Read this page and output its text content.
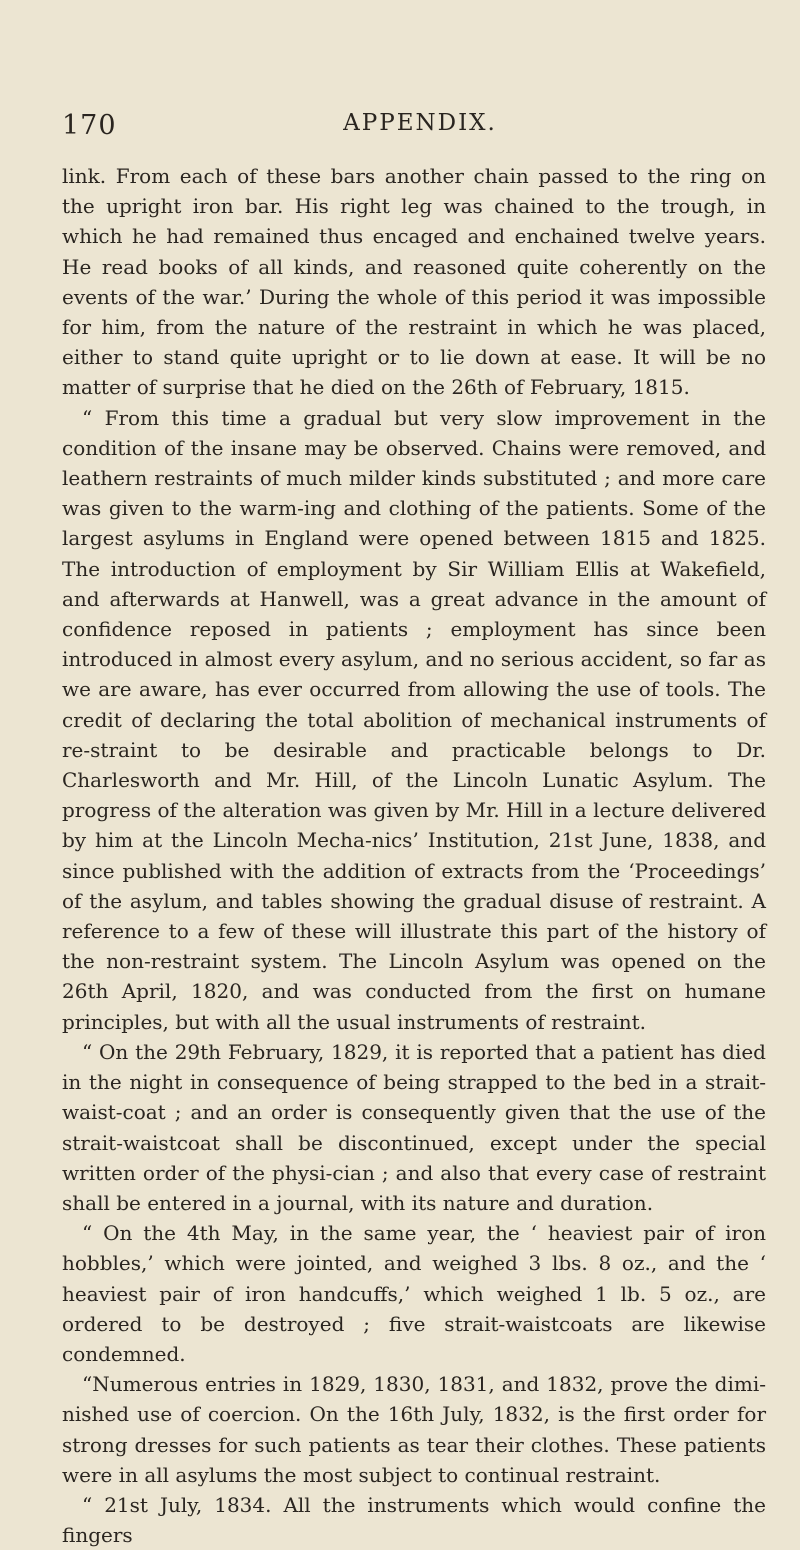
170	APPENDIX.

link. From each of these bars another chain passed to the ring on the upright iron bar. His right leg was chained to the trough, in which he had remained thus encaged and enchained twelve years. He read books of all kinds, and reasoned quite coherently on the events of the war.’ During the whole of this period it was impossible for him, from the nature of the restraint in which he was placed, either to stand quite upright or to lie down at ease. It will be no matter of surprise that he died on the 26th of February, 1815.

“ From this time a gradual but very slow improvement in the condition of the insane may be observed. Chains were removed, and leathern restraints of much milder kinds substituted ; and more care was given to the warm-ing and clothing of the patients. Some of the largest asylums in England were opened between 1815 and 1825. The introduction of employment by Sir William Ellis at Wakefield, and afterwards at Hanwell, was a great advance in the amount of confidence reposed in patients ; employment has since been introduced in almost every asylum, and no serious accident, so far as we are aware, has ever occurred from allowing the use of tools. The credit of declaring the total abolition of mechanical instruments of re-straint to be desirable and practicable belongs to Dr. Charlesworth and Mr. Hill, of the Lincoln Lunatic Asylum. The progress of the alteration was given by Mr. Hill in a lecture delivered by him at the Lincoln Mecha-nics’ Institution, 21st June, 1838, and since published with the addition of extracts from the ‘Proceedings’ of the asylum, and tables showing the gradual disuse of restraint. A reference to a few of these will illustrate this part of the history of the non-restraint system. The Lincoln Asylum was opened on the 26th April, 1820, and was conducted from the first on humane principles, but with all the usual instruments of restraint.

“ On the 29th February, 1829, it is reported that a patient has died in the night in consequence of being strapped to the bed in a strait-waist-coat ; and an order is consequently given that the use of the strait-waistcoat shall be discontinued, except under the special written order of the physi-cian ; and also that every case of restraint shall be entered in a journal, with its nature and duration.

“ On the 4th May, in the same year, the ‘ heaviest pair of iron hobbles,’ which were jointed, and weighed 3 lbs. 8 oz., and the ‘ heaviest pair of iron handcuffs,’ which weighed 1 lb. 5 oz., are ordered to be destroyed ; five strait-waistcoats are likewise condemned.

“Numerous entries in 1829, 1830, 1831, and 1832, prove the dimi-nished use of coercion. On the 16th July, 1832, is the first order for strong dresses for such patients as tear their clothes. These patients were in all asylums the most subject to continual restraint.

“ 21st July, 1834. All the instruments which would confine the fingers
